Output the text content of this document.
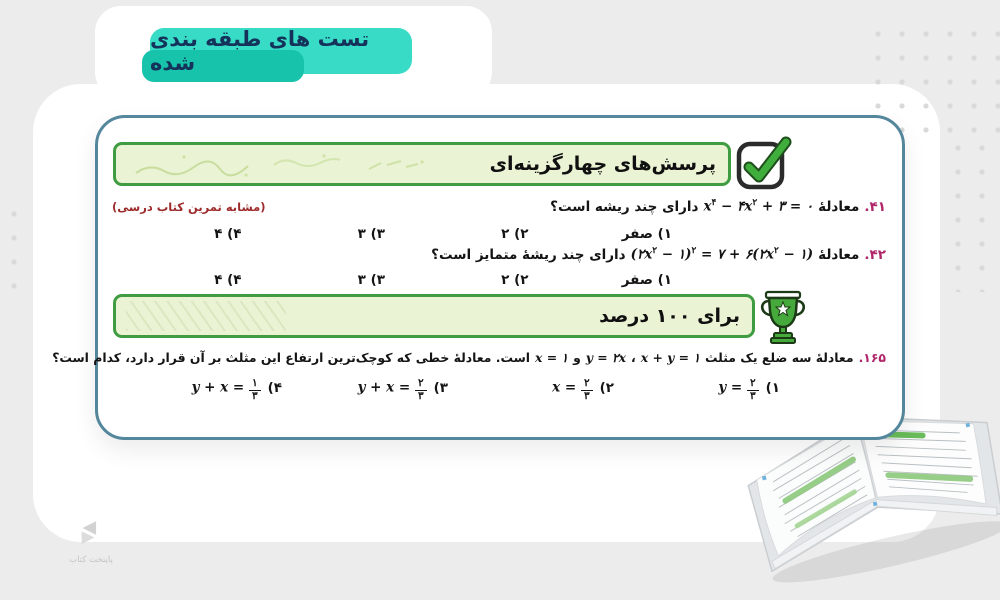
تست های طبقه بندی شده
پرسش‌های چهارگزینه‌ای
۴۱.
معادلهٔ
$x^۴$ − $۴x^۲$ + ۳ = ۰
دارای چند ریشه است؟
(مشابه تمرین کتاب درسی)
۱) صفر
۲) ۲
۳) ۳
۴) ۴
۴۲.
معادلهٔ
($۲x^۲$ − ۱)$^۲$ = ۷ + $۶(۲x^۲$ − ۱)
دارای چند ریشهٔ متمایز است؟
۱) صفر
۲) ۲
۳) ۳
۴) ۴
برای ۱۰۰ درصد
۱۶۵.
معادلهٔ سه ضلع یک مثلث
x + y = ۱
،
y = ۲x
و
x = ۱
است. معادلهٔ خطی که کوچک‌ترین ارتفاع این مثلث بر آن قرار دارد، کدام است؟
۱)
$y = \frac{۲}{۳}$
۲)
$x = \frac{۲}{۳}$
۳)
$y + x = \frac{۲}{۳}$
۴)
$y + x = \frac{۱}{۳}$
پایتخت کتاب
